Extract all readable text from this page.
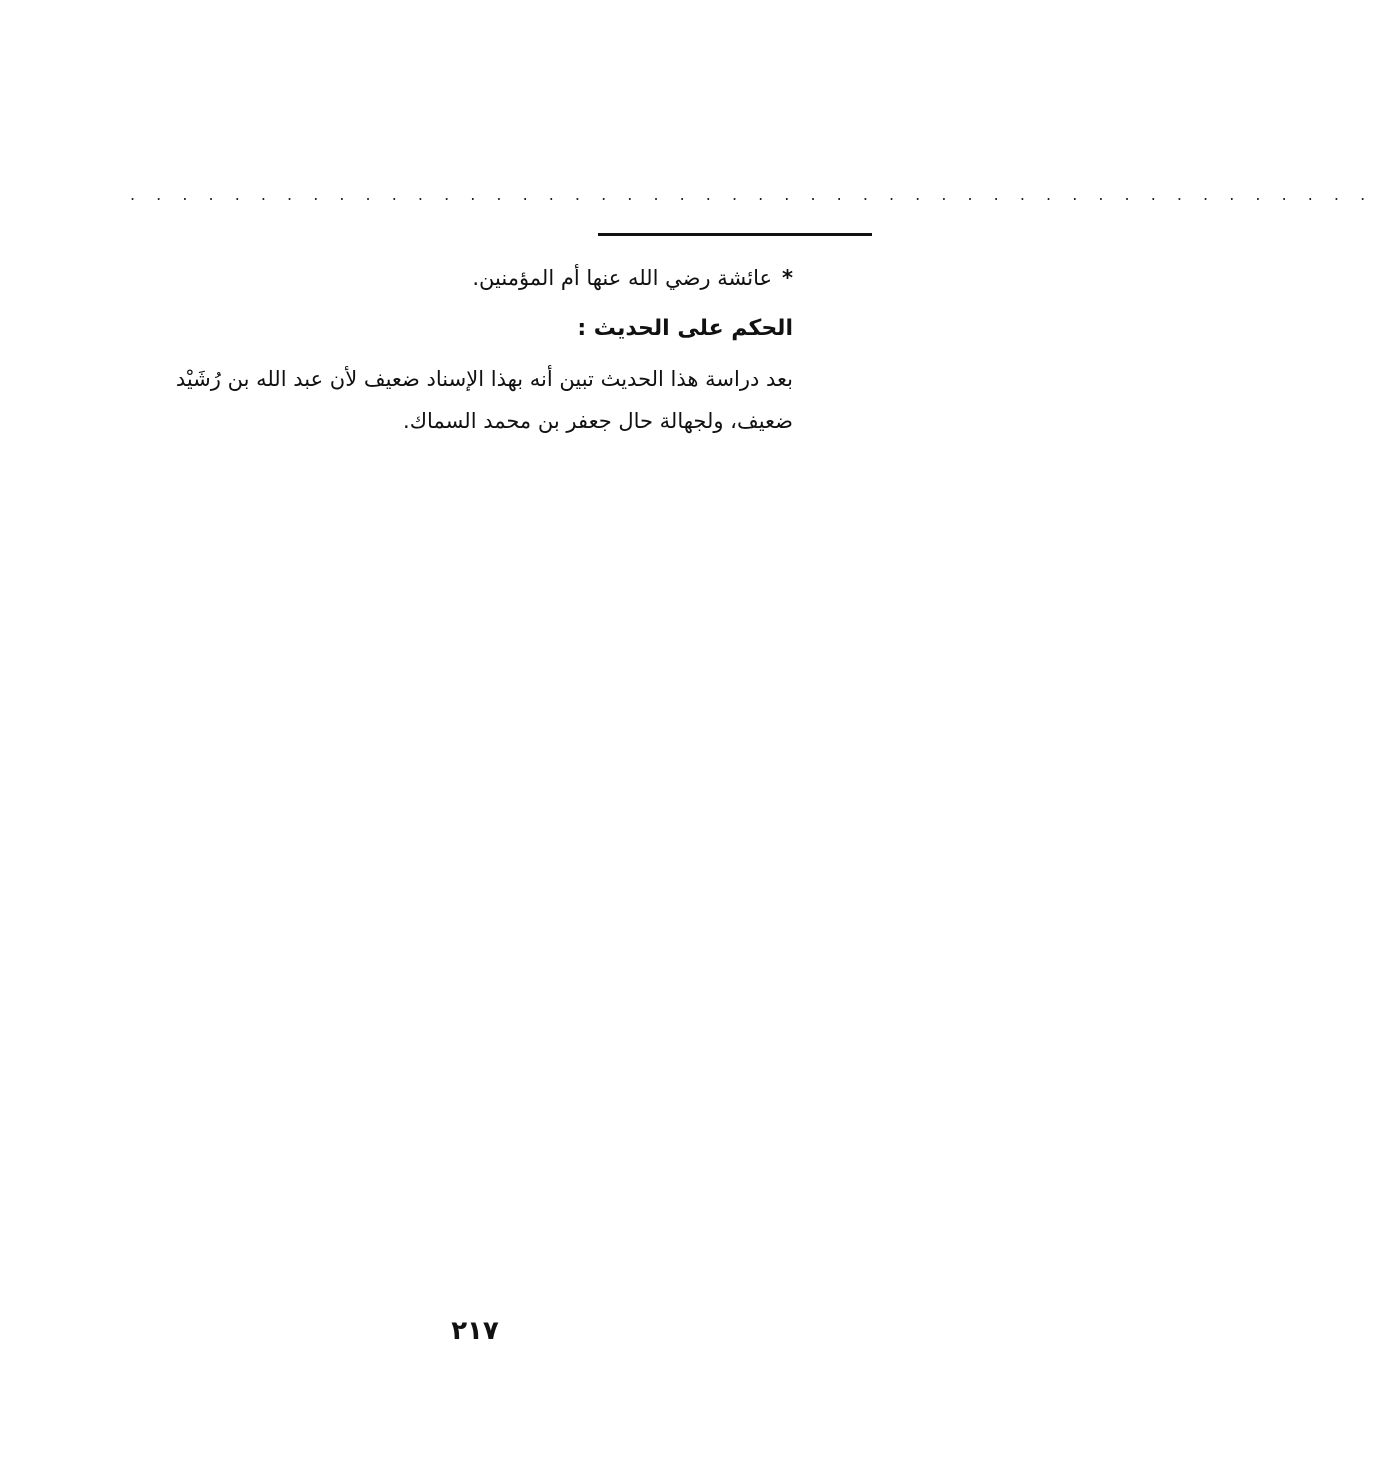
. . . . . . . . . . . . . . . . . . . . . . . . . . . . . . . . . . . . . . . . . . . . . . . .
*عائشة رضي الله عنها أم المؤمنين.
الحكم على الحديث :
بعد دراسة هذا الحديث تبين أنه بهذا الإسناد ضعيف لأن عبد الله بن رُشَيْد
ضعيف، ولجهالة حال جعفر بن محمد السماك.
٢١٧
